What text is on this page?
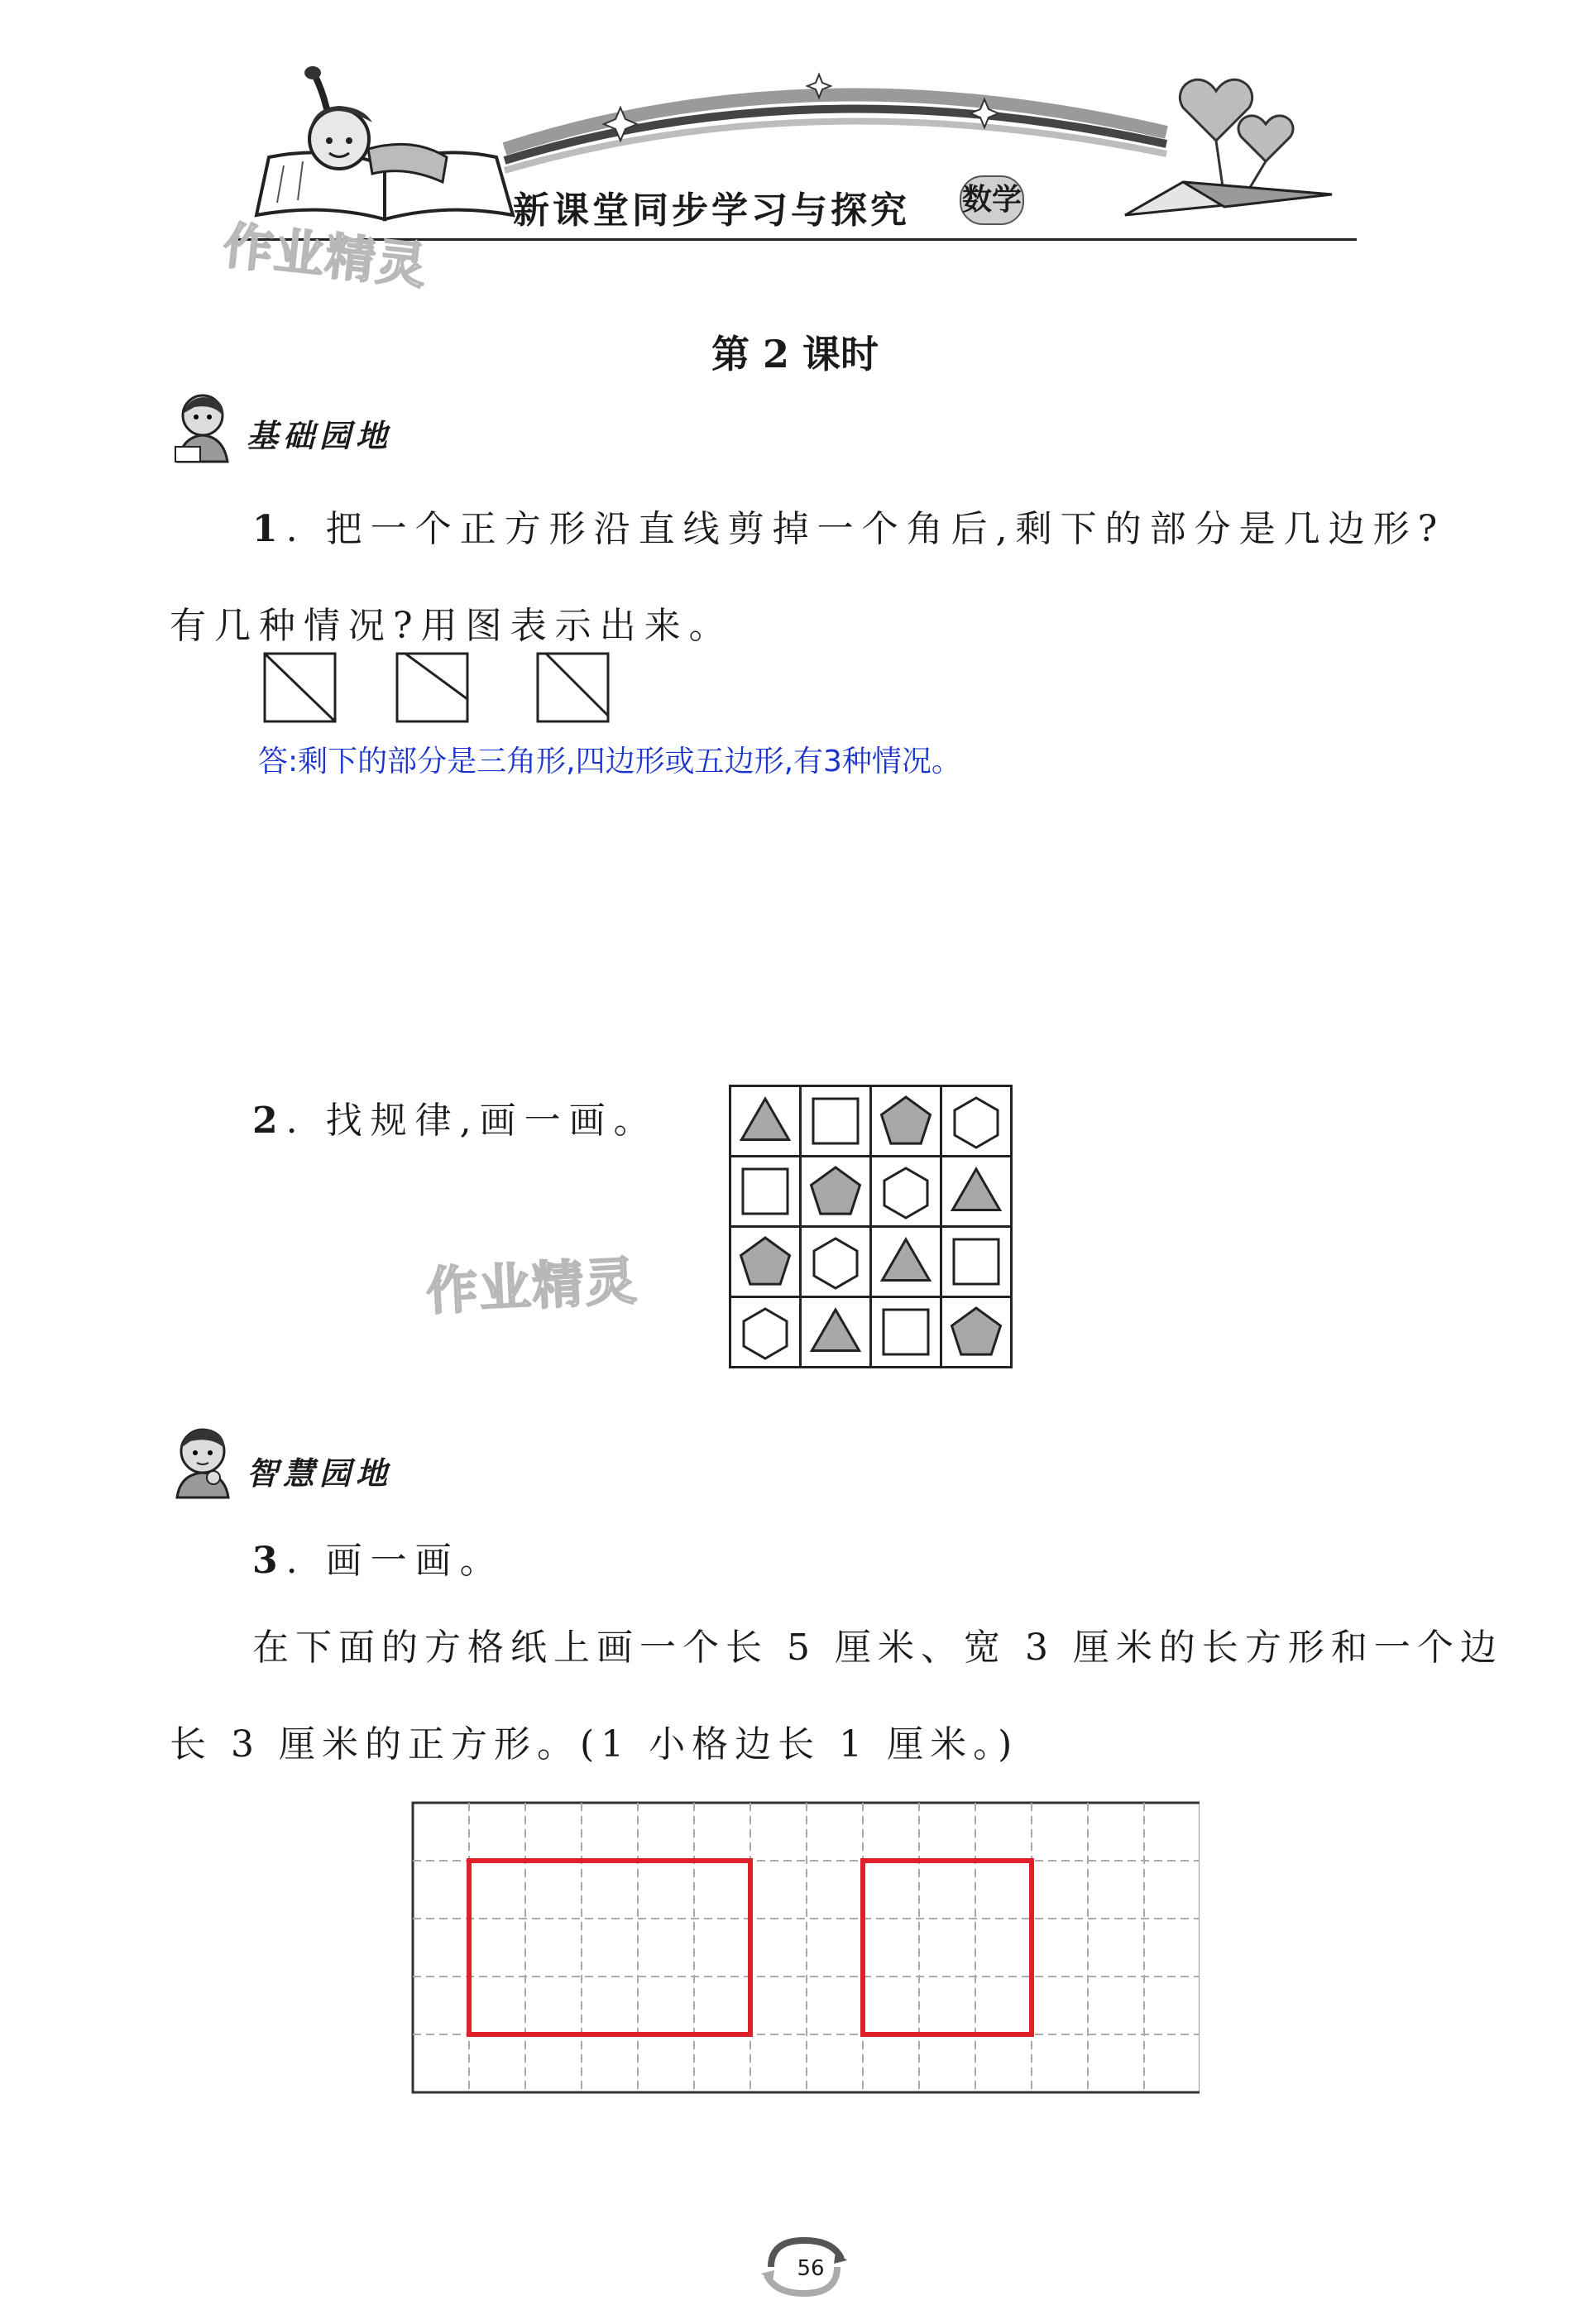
新课堂同步学习与探究 数学
作业精灵
第 2 课时
基础园地
1. 把一个正方形沿直线剪掉一个角后,剩下的部分是几边形?
有几种情况?用图表示出来。
答:剩下的部分是三角形,四边形或五边形,有3种情况。
2. 找规律,画一画。
作业精灵
智慧园地
3. 画一画。
在下面的方格纸上画一个长 5 厘米、宽 3 厘米的长方形和一个边
长 3 厘米的正方形。(1 小格边长 1 厘米。)
56
